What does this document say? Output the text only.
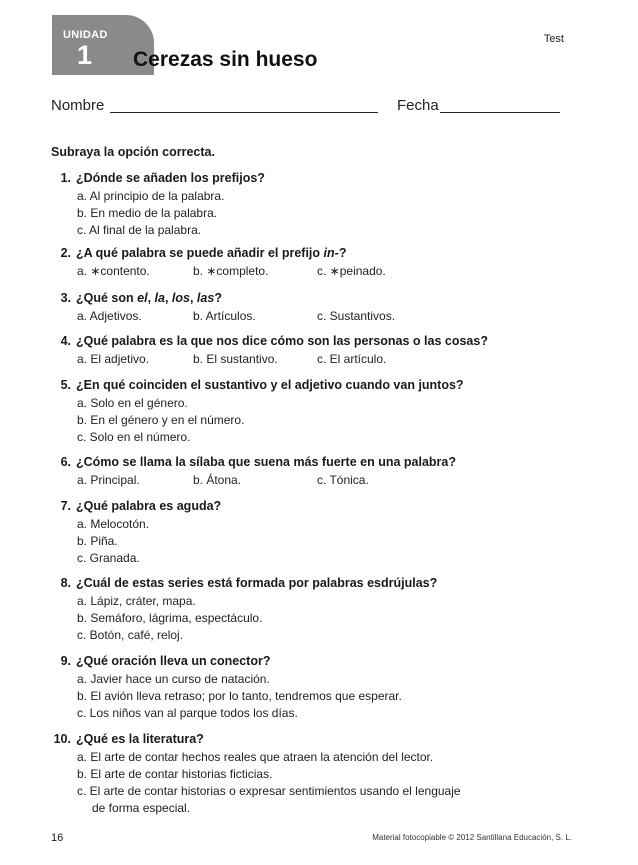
UNIDAD
1 Cerezas sin hueso
Test
Nombre	Fecha
Subraya la opción correcta.
1. ¿Dónde se añaden los prefijos?
a. Al principio de la palabra.
b. En medio de la palabra.
c. Al final de la palabra.
2. ¿A qué palabra se puede añadir el prefijo in-?
a. ∗contento.	b. ∗completo.	c. ∗peinado.
3. ¿Qué son el, la, los, las?
a. Adjetivos.	b. Artículos.	c. Sustantivos.
4. ¿Qué palabra es la que nos dice cómo son las personas o las cosas?
a. El adjetivo.	b. El sustantivo.	c. El artículo.
5. ¿En qué coinciden el sustantivo y el adjetivo cuando van juntos?
a. Solo en el género.
b. En el género y en el número.
c. Solo en el número.
6. ¿Cómo se llama la sílaba que suena más fuerte en una palabra?
a. Principal.	b. Átona.	c. Tónica.
7. ¿Qué palabra es aguda?
a. Melocotón.
b. Piña.
c. Granada.
8. ¿Cuál de estas series está formada por palabras esdrújulas?
a. Lápiz, cráter, mapa.
b. Semáforo, lágrima, espectáculo.
c. Botón, café, reloj.
9. ¿Qué oración lleva un conector?
a. Javier hace un curso de natación.
b. El avión lleva retraso; por lo tanto, tendremos que esperar.
c. Los niños van al parque todos los días.
10. ¿Qué es la literatura?
a. El arte de contar hechos reales que atraen la atención del lector.
b. El arte de contar historias ficticias.
c. El arte de contar historias o expresar sentimientos usando el lenguaje
de forma especial.
16	Material fotocopiable © 2012 Santillana Educación, S. L.
